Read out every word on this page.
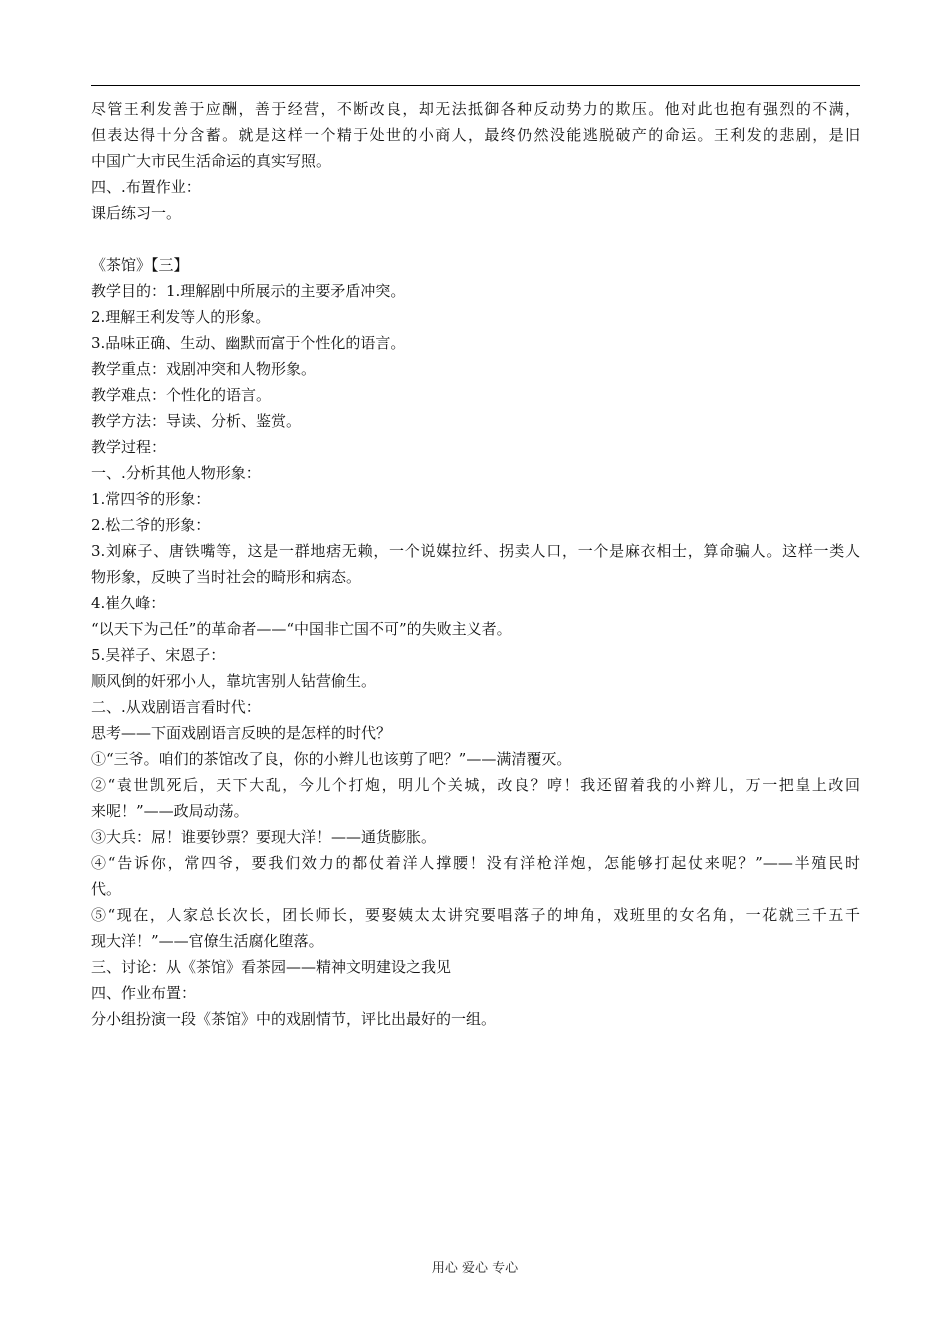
尽管王利发善于应酬，善于经营，不断改良，却无法抵御各种反动势力的欺压。他对此也抱有强烈的不满，
但表达得十分含蓄。就是这样一个精于处世的小商人，最终仍然没能逃脱破产的命运。王利发的悲剧，是旧
中国广大市民生活命运的真实写照。
四、.布置作业：
课后练习一。
《茶馆》【三】
教学目的：1.理解剧中所展示的主要矛盾冲突。
2.理解王利发等人的形象。
3.品味正确、生动、幽默而富于个性化的语言。
教学重点：戏剧冲突和人物形象。
教学难点：个性化的语言。
教学方法：导读、分析、鉴赏。
教学过程：
一、.分析其他人物形象：
1.常四爷的形象：
2.松二爷的形象：
3.刘麻子、唐铁嘴等，这是一群地痞无赖，一个说媒拉纤、拐卖人口，一个是麻衣相士，算命骗人。这样一类人
物形象，反映了当时社会的畸形和病态。
4.崔久峰：
“以天下为己任”的革命者——“中国非亡国不可”的失败主义者。
5.吴祥子、宋恩子：
顺风倒的奸邪小人，靠坑害别人钻营偷生。
二、.从戏剧语言看时代：
思考——下面戏剧语言反映的是怎样的时代？
①“三爷。咱们的茶馆改了良，你的小辫儿也该剪了吧？”——满清覆灭。
②“袁世凯死后，天下大乱，今儿个打炮，明儿个关城，改良？哼！我还留着我的小辫儿，万一把皇上改回
来呢！”——政局动荡。
③大兵：屌！谁要钞票？要现大洋！——通货膨胀。
④“告诉你，常四爷，要我们效力的都仗着洋人撑腰！没有洋枪洋炮，怎能够打起仗来呢？”——半殖民时
代。
⑤“现在，人家总长次长，团长师长，要娶姨太太讲究要唱落子的坤角，戏班里的女名角，一花就三千五千
现大洋！”——官僚生活腐化堕落。
三、讨论：从《茶馆》看茶园——精神文明建设之我见
四、作业布置：
分小组扮演一段《茶馆》中的戏剧情节，评比出最好的一组。
用心 爱心 专心
